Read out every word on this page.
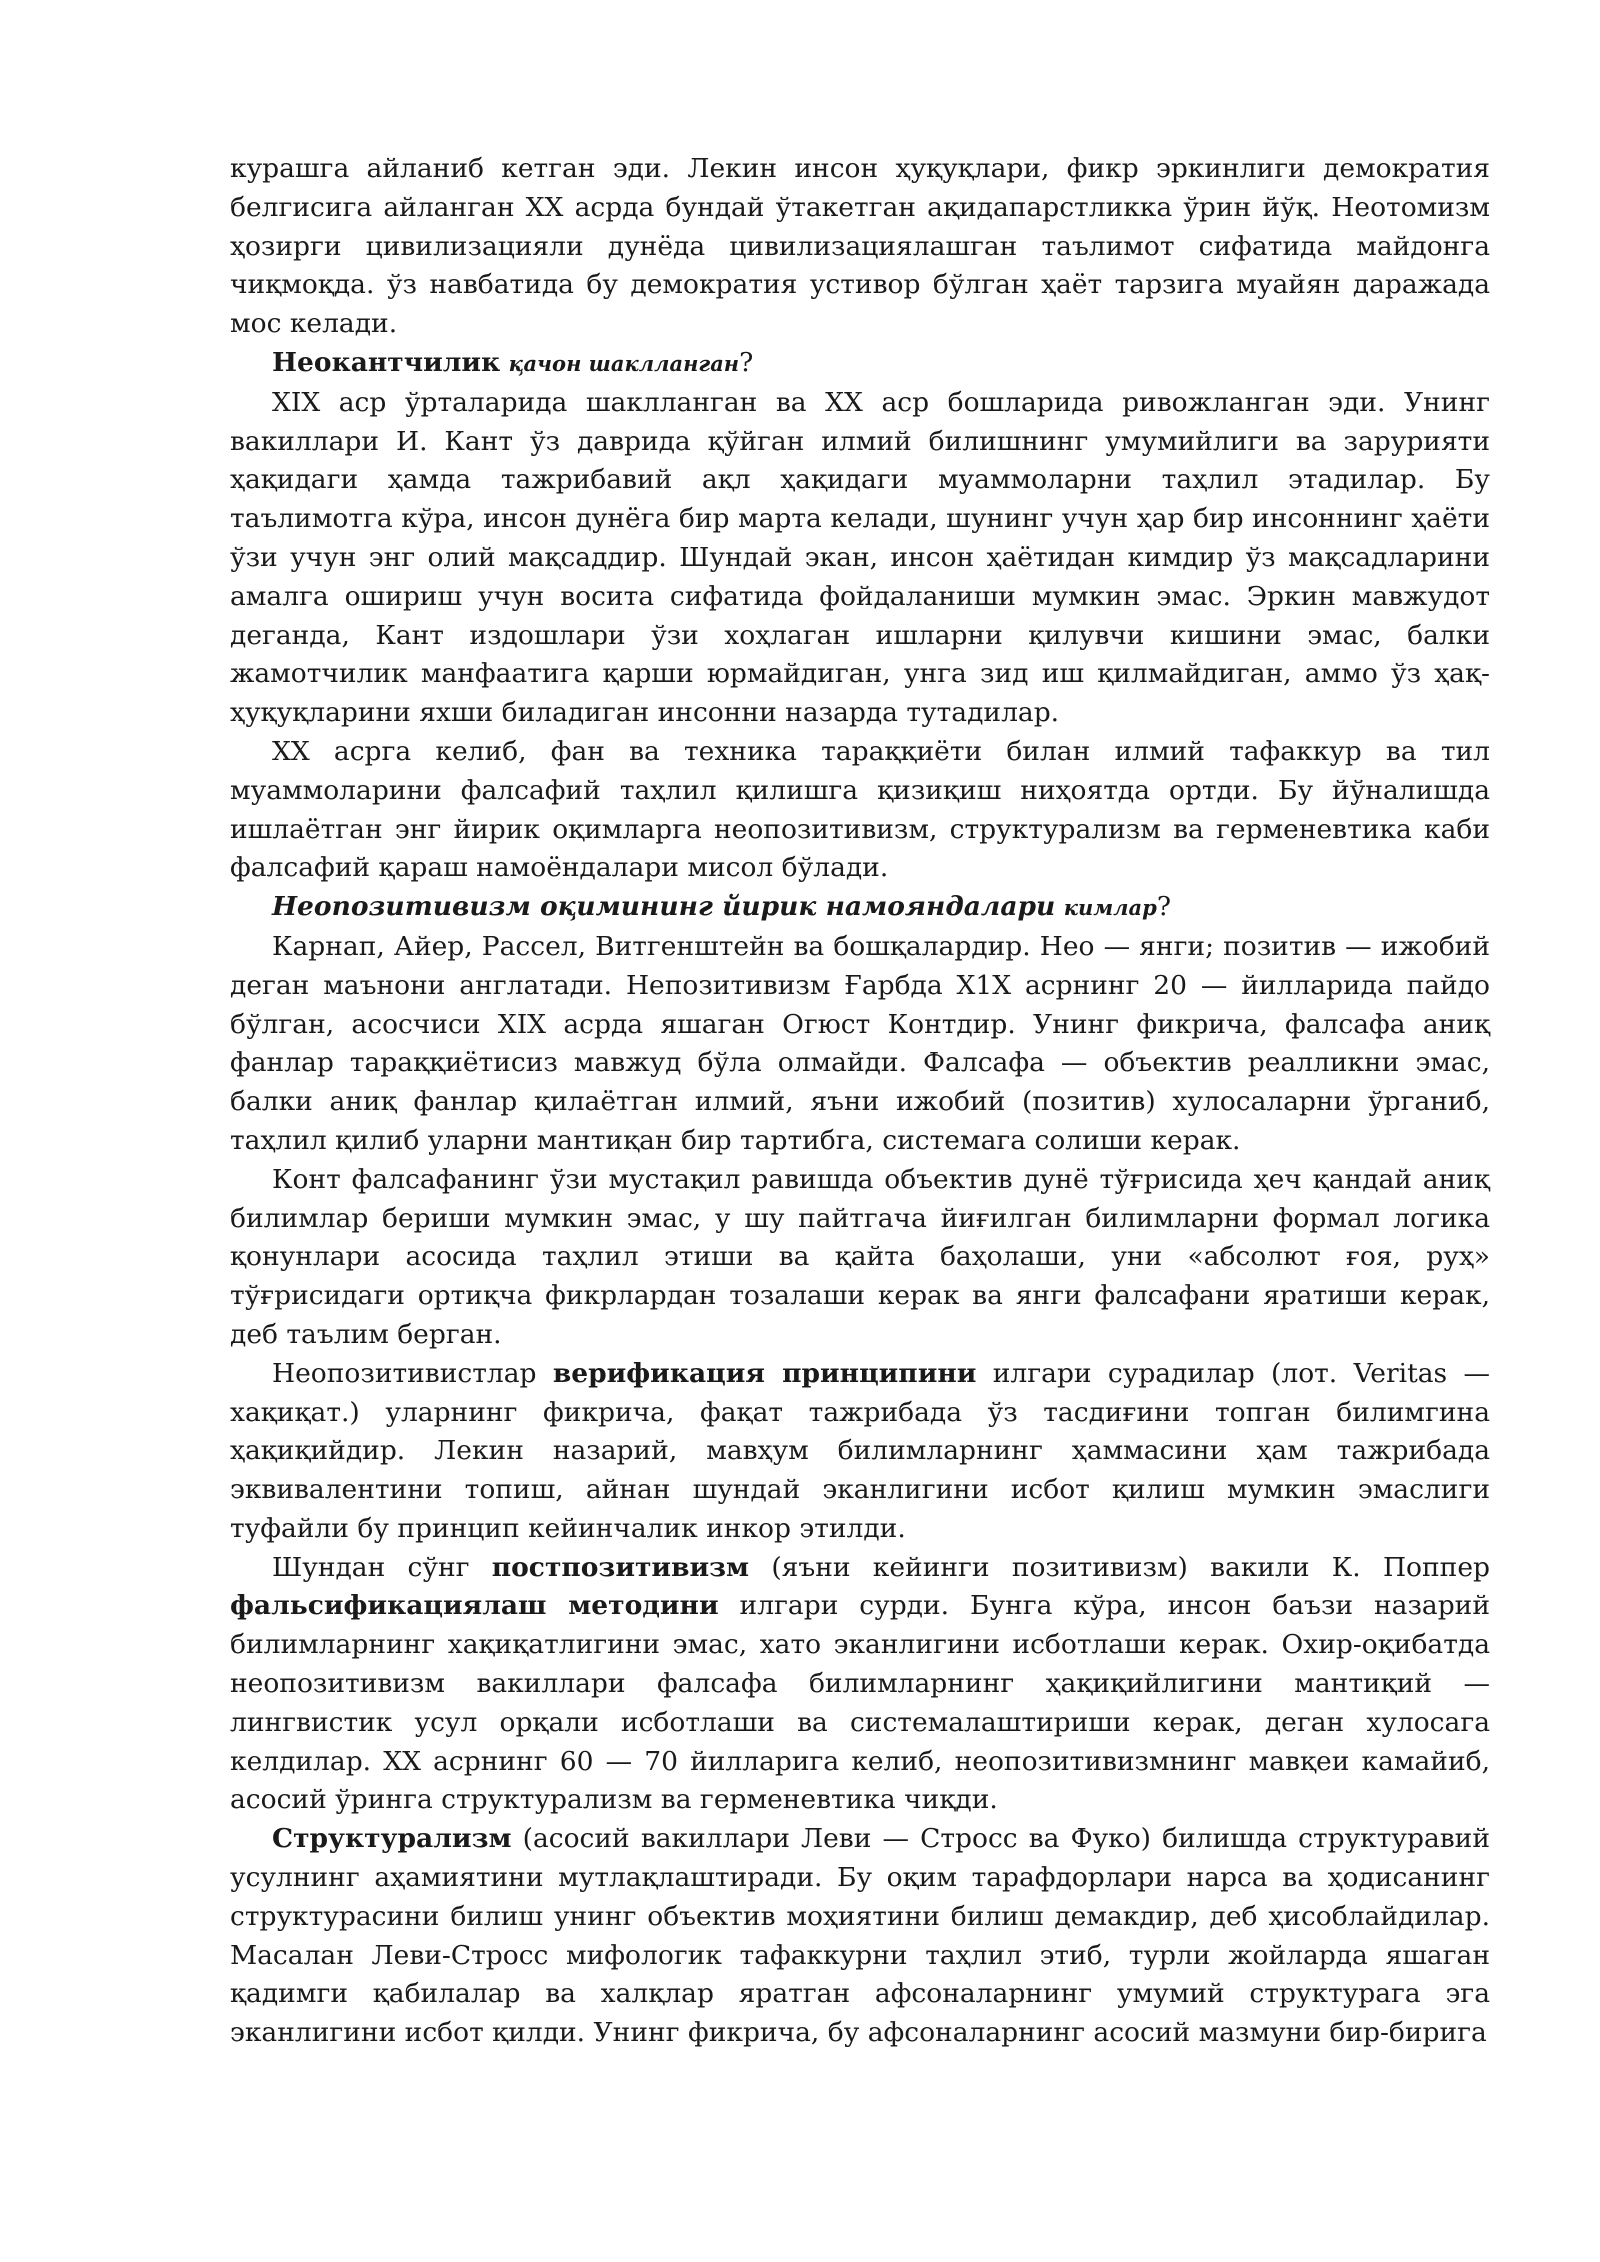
курашга айланиб кетган эди. Лекин инсон ҳуқуқлари, фикр эркинлиги демократия белгисига айланган XX асрда бундай ўтакетган ақидапарстликка ўрин йўқ. Неотомизм ҳозирги цивилизацияли дунёда цивилизациялашган таълимот сифатида майдонга чиқмоқда. ўз навбатида бу демократия устивор бўлган ҳаёт тарзига муайян даражада мос келади.

Неокантчилик қачон шаклланган?

XIX аср ўрталарида шаклланган ва XX аср бошларида ривожланган эди. Унинг вакиллари И. Кант ўз даврида қўйган илмий билишнинг умумийлиги ва зарурияти ҳақидаги ҳамда тажрибавий ақл ҳақидаги муаммоларни таҳлил этадилар. Бу таълимотга кўра, инсон дунёга бир марта келади, шунинг учун ҳар бир инсоннинг ҳаёти ўзи учун энг олий мақсаддир. Шундай экан, инсон ҳаётидан кимдир ўз мақсадларини амалга ошириш учун восита сифатида фойдаланиши мумкин эмас. Эркин мавжудот деганда, Кант издошлари ўзи хоҳлаган ишларни қилувчи кишини эмас, балки жамотчилик манфаатига қарши юрмайдиган, унга зид иш қилмайдиган, аммо ўз ҳақ-ҳуқуқларини яхши биладиган инсонни назарда тутадилар.

XX асрга келиб, фан ва техника тараққиёти билан илмий тафаккур ва тил муаммоларини фалсафий таҳлил қилишга қизиқиш ниҳоятда ортди. Бу йўналишда ишлаётган энг йирик оқимларга неопозитивизм, структурализм ва герменевтика каби фалсафий қараш намоёндалари мисол бўлади.

Неопозитивизм оқимининг йирик намояндалари кимлар?

Карнап, Айер, Рассел, Витгенштейн ва бошқалардир. Нео — янги; позитив — ижобий деган маънони англатади. Непозитивизм Ғарбда X1X асрнинг 20 — йилларида пайдо бўлган, асосчиси XIX асрда яшаган Огюст Контдир. Унинг фикрича, фалсафа аниқ фанлар тараққиётисиз мавжуд бўла олмайди. Фалсафа — объектив реалликни эмас, балки аниқ фанлар қилаётган илмий, яъни ижобий (позитив) хулосаларни ўрганиб, таҳлил қилиб уларни мантиқан бир тартибга, системага солиши керак.

Конт фалсафанинг ўзи мустақил равишда объектив дунё тўғрисида ҳеч қандай аниқ билимлар бериши мумкин эмас, у шу пайтгача йиғилган билимларни формал логика қонунлари асосида таҳлил этиши ва қайта баҳолаши, уни «абсолют ғоя, руҳ» тўғрисидаги ортиқча фикрлардан тозалаши керак ва янги фалсафани яратиши керак, деб таълим берган.

Неопозитивистлар верификация принципини илгари сурадилар (лот. Veritas — хақиқат.) уларнинг фикрича, фақат тажрибада ўз тасдиғини топган билимгина ҳақиқийдир. Лекин назарий, мавҳум билимларнинг ҳаммасини ҳам тажрибада эквивалентини топиш, айнан шундай эканлигини исбот қилиш мумкин эмаслиги туфайли бу принцип кейинчалик инкор этилди.

Шундан сўнг постпозитивизм (яъни кейинги позитивизм) вакили К. Поппер фальсификациялаш методини илгари сурди. Бунга кўра, инсон баъзи назарий билимларнинг хақиқатлигини эмас, хато эканлигини исботлаши керак. Охир-оқибатда неопозитивизм вакиллари фалсафа билимларнинг ҳақиқийлигини мантиқий — лингвистик усул орқали исботлаши ва системалаштириши керак, деган хулосага келдилар. XX асрнинг 60 — 70 йилларига келиб, неопозитивизмнинг мавқеи камайиб, асосий ўринга структурализм ва герменевтика чиқди.

Структурализм (асосий вакиллари Леви — Стросс ва Фуко) билишда структуравий усулнинг аҳамиятини мутлақлаштиради. Бу оқим тарафдорлари нарса ва ҳодисанинг структурасини билиш унинг объектив моҳиятини билиш демакдир, деб ҳисоблайдилар. Масалан Леви-Стросс мифологик тафаккурни таҳлил этиб, турли жойларда яшаган қадимги қабилалар ва халқлар яратган афсоналарнинг умумий структурага эга эканлигини исбот қилди. Унинг фикрича, бу афсоналарнинг асосий мазмуни бир-бирига
